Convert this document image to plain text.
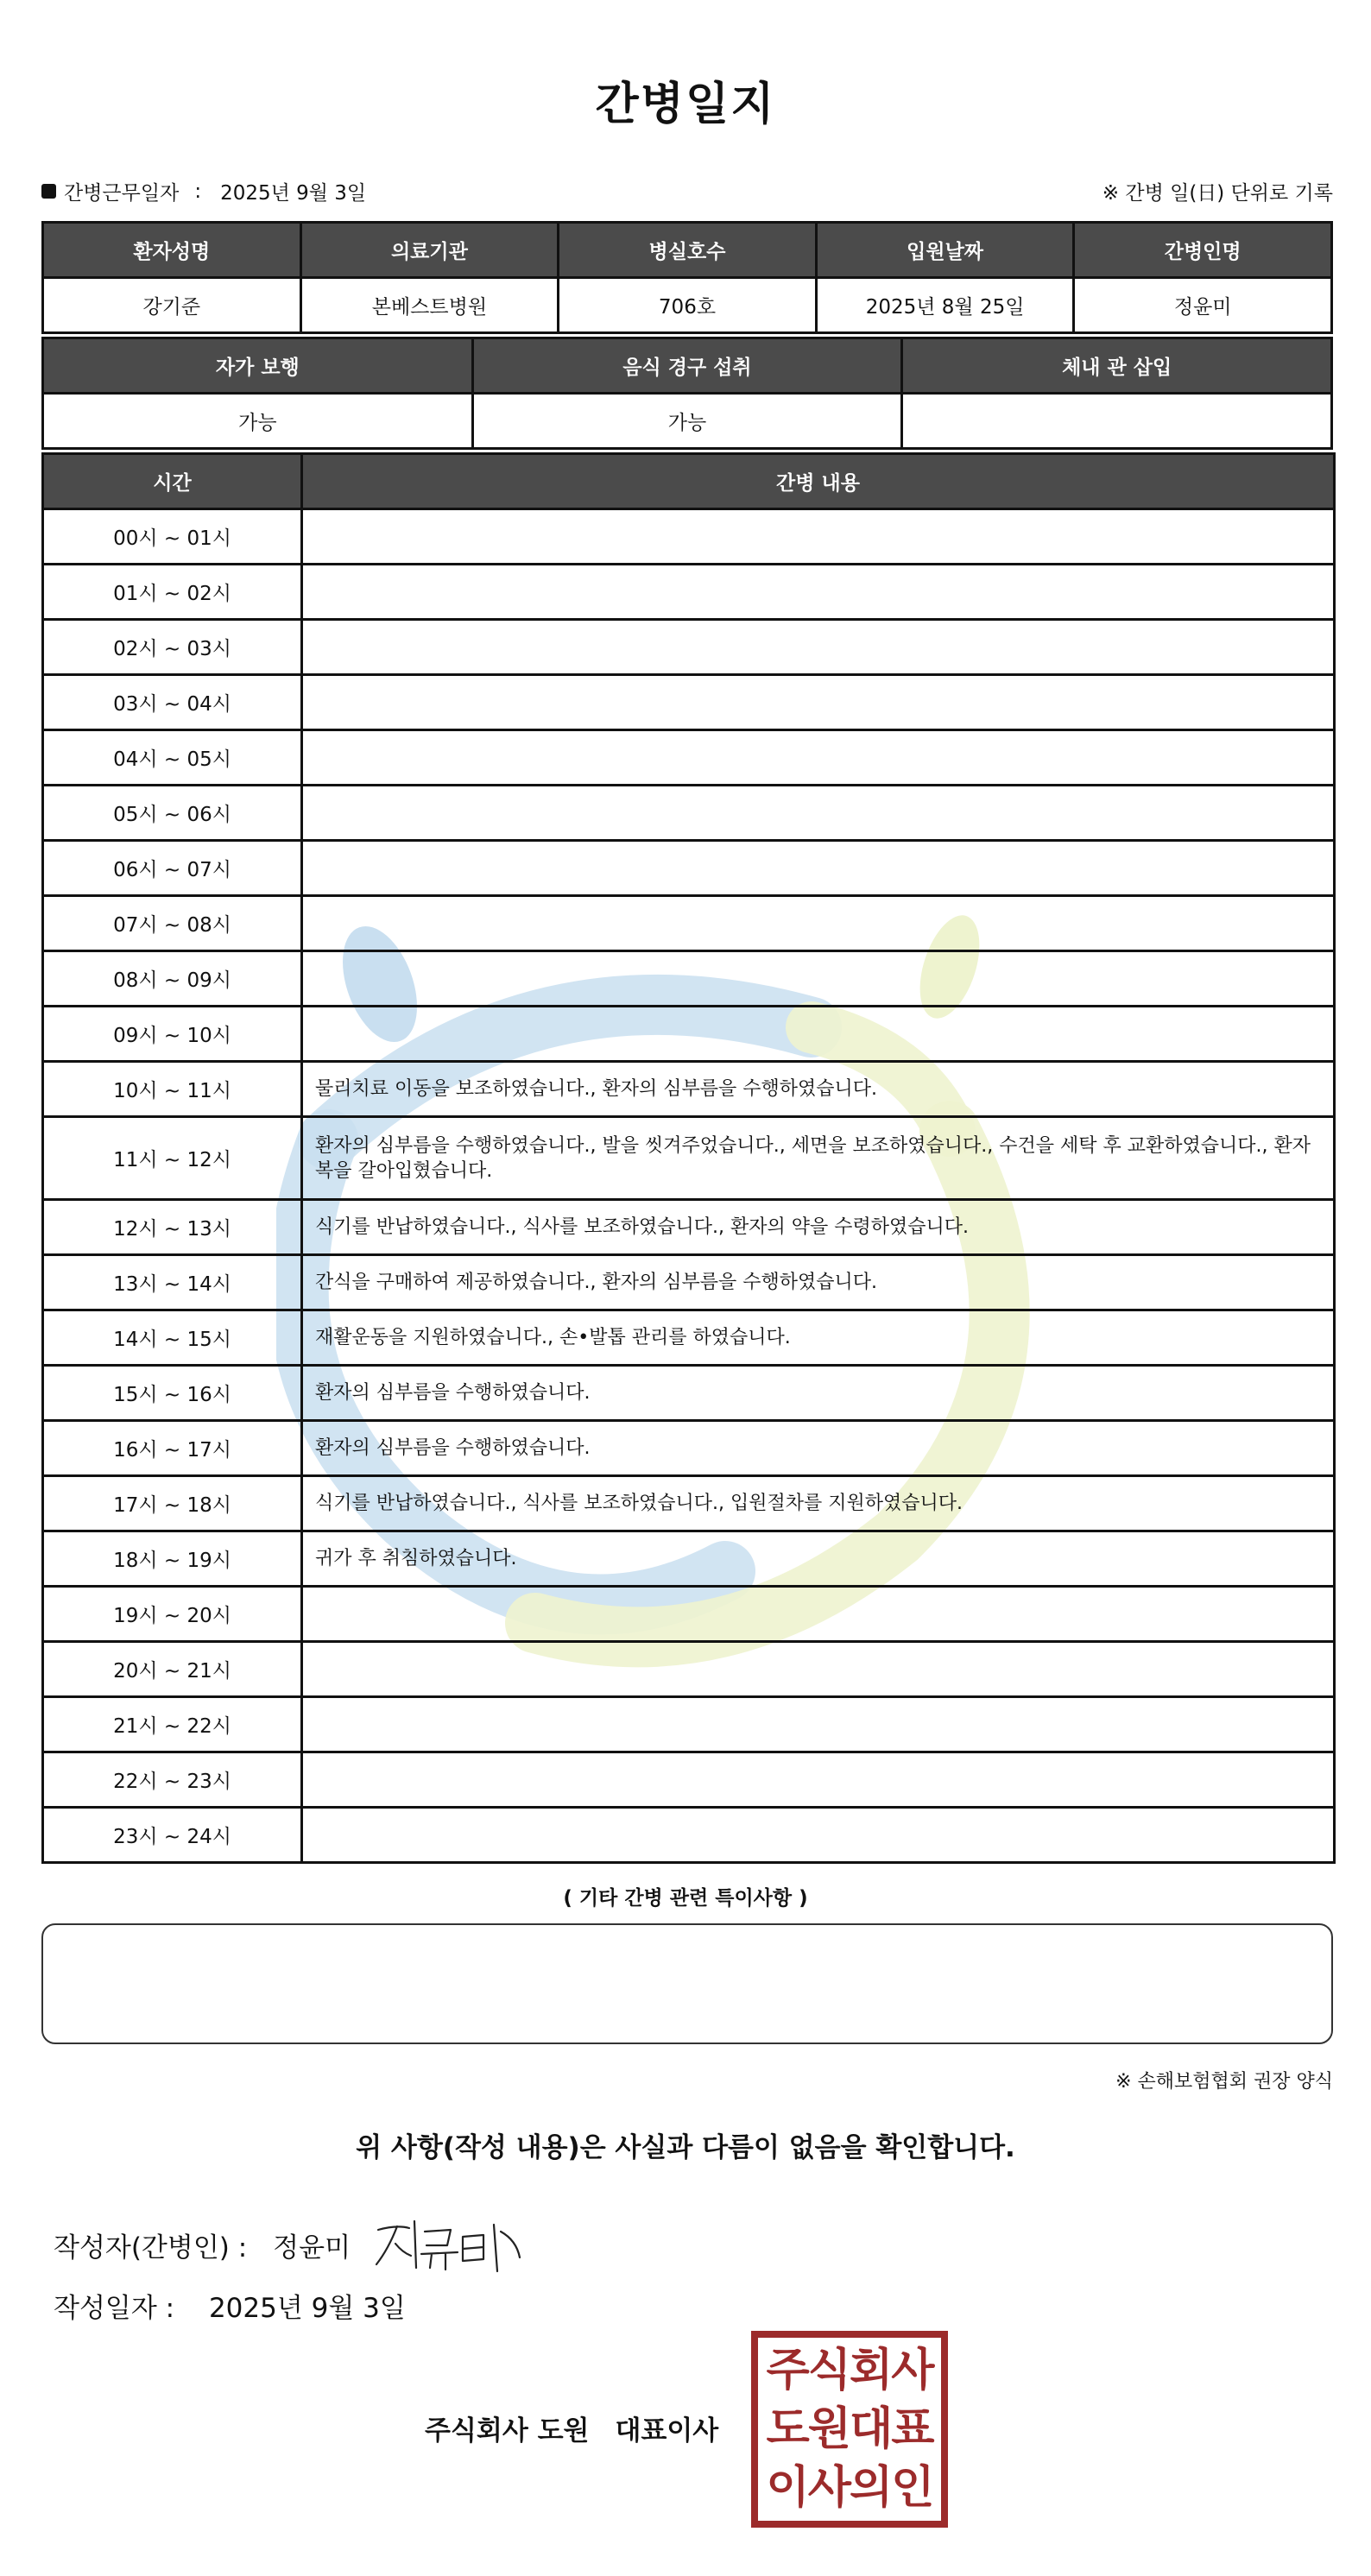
간병일지
간병근무일자 : 2025년 9월 3일	※ 간병 일(日) 단위로 기록
환자성명	의료기관	병실호수	입원날짜	간병인명
강기준	본베스트병원	706호	2025년 8월 25일	정윤미
자가 보행	음식 경구 섭취	체내 관 삽입
가능	가능	
시간	간병 내용
00시 ~ 01시	
01시 ~ 02시	
02시 ~ 03시	
03시 ~ 04시	
04시 ~ 05시	
05시 ~ 06시	
06시 ~ 07시	
07시 ~ 08시	
08시 ~ 09시	
09시 ~ 10시	
10시 ~ 11시	물리치료 이동을 보조하였습니다., 환자의 심부름을 수행하였습니다.
11시 ~ 12시	환자의 심부름을 수행하였습니다., 발을 씻겨주었습니다., 세면을 보조하였습니다., 수건을 세탁 후 교환하였습니다., 환자복을 갈아입혔습니다.
12시 ~ 13시	식기를 반납하였습니다., 식사를 보조하였습니다., 환자의 약을 수령하였습니다.
13시 ~ 14시	간식을 구매하여 제공하였습니다., 환자의 심부름을 수행하였습니다.
14시 ~ 15시	재활운동을 지원하였습니다., 손•발톱 관리를 하였습니다.
15시 ~ 16시	환자의 심부름을 수행하였습니다.
16시 ~ 17시	환자의 심부름을 수행하였습니다.
17시 ~ 18시	식기를 반납하였습니다., 식사를 보조하였습니다., 입원절차를 지원하였습니다.
18시 ~ 19시	귀가 후 취침하였습니다.
19시 ~ 20시	
20시 ~ 21시	
21시 ~ 22시	
22시 ~ 23시	
23시 ~ 24시	
( 기타 간병 관련 특이사항 )
※ 손해보험협회 권장 양식
위 사항(작성 내용)은 사실과 다름이 없음을 확인합니다.
작성자(간병인) : 정윤미
작성일자 : 2025년 9월 3일
주식회사 도원 대표이사
주식회사
도원대표
이사의인
